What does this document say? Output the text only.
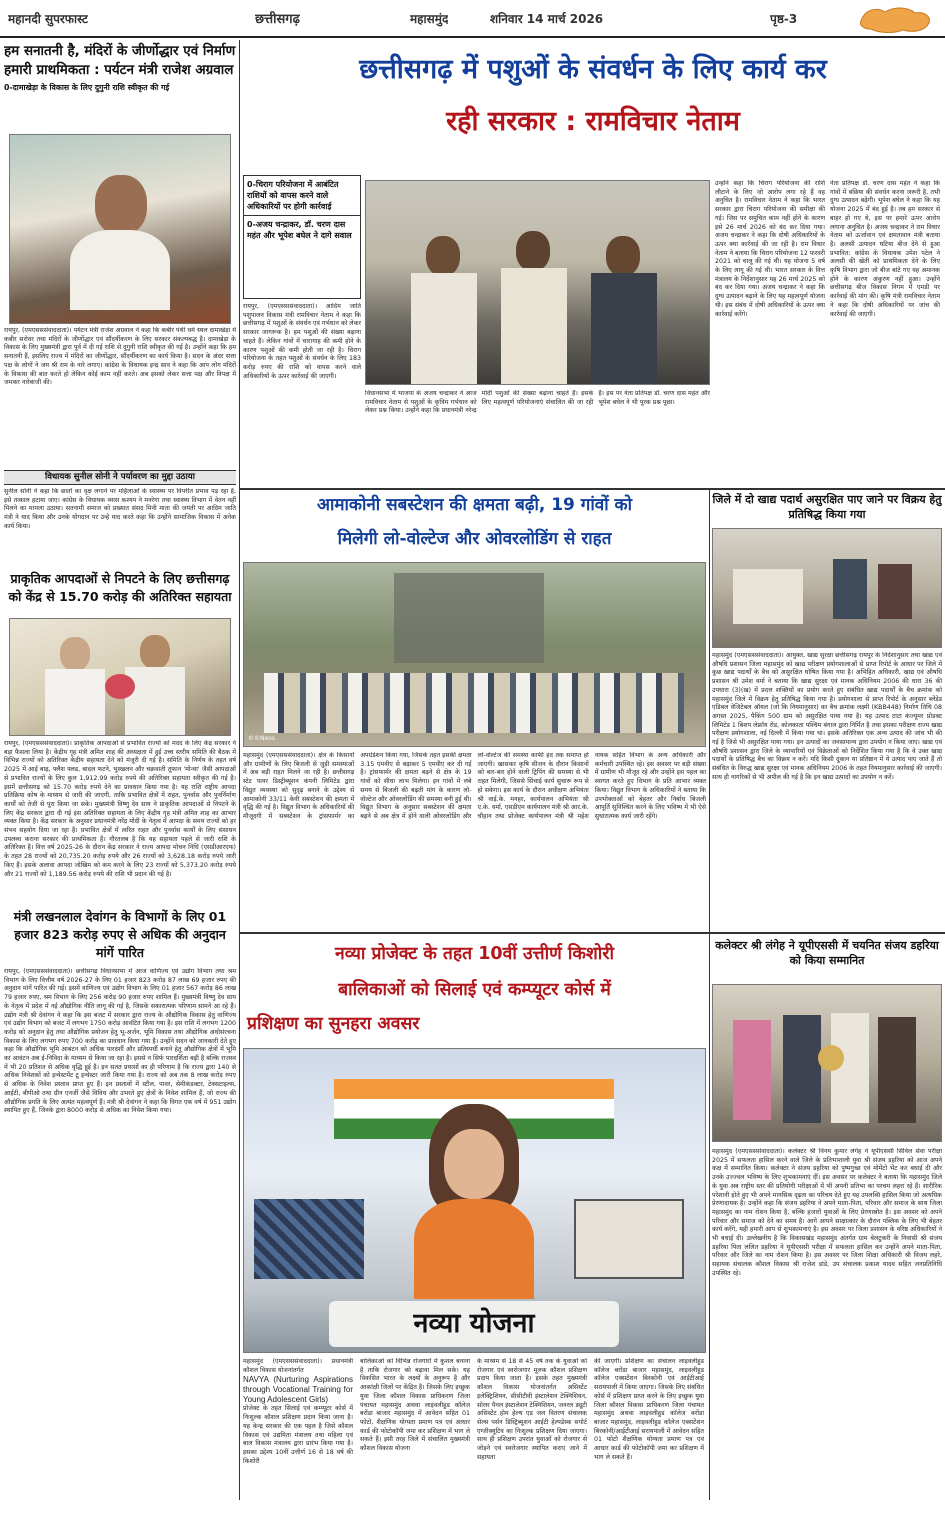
महानदी सुपरफास्ट	छत्तीसगढ़	महासमुंद	शनिवार 14 मार्च 2026	पृष्ठ-3
हम सनातनी है, मंदिरों के जीर्णोद्धार एवं निर्माण हमारी प्राथमिकता : पर्यटन मंत्री राजेश अग्रवाल
0-दामाखेड़ा के विकास के लिए दुगुनी राशि स्वीकृत की गई
रायपुर, (एमएसससंवाददाता)। पर्यटन मंत्री राजेश अग्रवाल ने कहा कि कबीर पंथी धर्म स्थल दामाखेड़ा में कबीर सरोवर तथा मंदिरों के जीर्णोद्धार एवं सौंदर्यीकरण के लिए सरकार संकल्पबद्ध है। दामाखेड़ा के विकास के लिए मुख्यमंत्री द्वारा पूर्व में दी गई राशि से दुगुनी राशि स्वीकृत की गई है। उन्होंने कहा कि हम सनातनी हैं, इसलिए राज्य में मंदिरों का जीर्णोद्धार, सौंदर्यीकरण का कार्य किया है। सदन के अंदर सत्ता पक्ष के लोगों ने जय श्री राम के नारे लगाए। कांग्रेस के विधायक इन्द्र साव ने कहा कि आप लोग मंदिरों के विकास की बात करते हो लेकिन कोई काम नहीं करते। अब इसको लेकर सत्ता पक्ष और विपक्ष में जमकर नारेबाजी की।
विधायक सुनील सोनी ने पर्यावरण का मुद्दा उठाया
सुनील सोनी ने कहा कि छातों का वृक्ष लगाने पर महिलाओं के स्वास्थ्य पर विपरीत प्रभाव पड़ रहा है, इसे तत्काल हटाया जाए। कांग्रेस के विधायक व्यास कश्यप ने मनरेगा तथा स्वास्थ्य विभाग में वेतन नहीं मिलने का मामला उठाया। सतनामी समाज को प्रख्यात संसद मिनी माता की जयंती पर आदिम जाति मंत्री ने याद किया और उनके योगदान पर उन्हें याद करते कहा कि उन्होंने सामाजिक विकास में अनेक कार्य किया।
प्राकृतिक आपदाओं से निपटने के लिए छत्तीसगढ़ को केंद्र से 15.70 करोड़ की अतिरिक्त सहायता
रायपुर, (एमएसससंवाददाता)। प्राकृतिक आपदाओं से प्रभावित राज्यों को मदद के लिए केंद्र सरकार ने बड़ा फैसला लिया है। केंद्रीय गृह मंत्री अमित शाह की अध्यक्षता में हुई उच्च स्तरीय समिति की बैठक में विभिन्न राज्यों को अतिरिक्त केंद्रीय सहायता देने को मंजूरी दी गई है। समिति के निर्णय के तहत वर्ष 2025 में आई बाढ़, फ्लैश फ्लड, बादल फटने, भूस्खलन और चक्रवाती तूफान 'मोन्था' जैसी आपदाओं से प्रभावित राज्यों के लिए कुल 1,912.99 करोड़ रुपये की अतिरिक्त सहायता स्वीकृत की गई है। इसमें छत्तीसगढ़ को 15.70 करोड़ रुपये देने का प्रावधान किया गया है। यह राशि राष्ट्रीय आपदा प्रतिक्रिया कोष के माध्यम से जारी की जाएगी, ताकि प्रभावित क्षेत्रों में राहत, पुनर्वास और पुनर्निर्माण कार्यों को तेजी से पूरा किया जा सके। मुख्यमंत्री विष्णु देव साय ने प्राकृतिक आपदाओं से निपटने के लिए केंद्र सरकार द्वारा दी गई इस अतिरिक्त सहायता के लिए केंद्रीय गृह मंत्री अमित शाह का आभार व्यक्त किया है। केंद्र सरकार के अनुसार प्रधानमंत्री नरेंद्र मोदी के नेतृत्व में आपदा के समय राज्यों को हर संभव सहयोग दिया जा रहा है। प्रभावित क्षेत्रों में त्वरित राहत और पुनर्वास कार्यों के लिए संसाधन उपलब्ध कराना सरकार की प्राथमिकता है। गौरतलब है कि यह सहायता पहले से जारी राशि के अतिरिक्त है। वित्त वर्ष 2025-26 के दौरान केंद्र सरकार ने राज्य आपदा मोचन निधि (एसडीआरएफ) के तहत 28 राज्यों को 20,735.20 करोड़ रुपये और 26 राज्यों को 3,628.18 करोड़ रुपये जारी किए हैं। इसके अलावा आपदा जोखिम को कम करने के लिए 23 राज्यों को 5,373.20 करोड़ रुपये और 21 राज्यों को 1,189.56 करोड़ रुपये की राशि भी प्रदान की गई है।
मंत्री लखनलाल देवांगन के विभागों के लिए 01 हजार 823 करोड़ रुपए से अधिक की अनुदान मांगें पारित
रायपुर, (एमएसससंवाददाता)। छत्तीसगढ़ विधानसभा में आज वाणिज्य एवं उद्योग विभाग तथा श्रम विभाग के लिए वित्तीय वर्ष 2026-27 के लिए 01 हजार 823 करोड़ 87 लाख 69 हजार रुपए की अनुदान मांगें पारित की गई। इसमें वाणिज्य एवं उद्योग विभाग के लिए 01 हजार 567 करोड़ 86 लाख 79 हजार रुपए, श्रम विभाग के लिए 256 करोड़ 90 हजार रुपए शामिल हैं। मुख्यमंत्री विष्णु देव साय के नेतृत्व में प्रदेश में नई औद्योगिक नीति लागू की गई है, जिसके सकारात्मक परिणाम सामने आ रहे हैं। उद्योग मंत्री श्री देवांगन ने कहा कि इस बजट में सरकार द्वारा राज्य के औद्योगिक विकास हेतु वाणिज्य एवं उद्योग विभाग को बजट में लगभग 1750 करोड़ आवंटित किया गया है। इस राशि में लगभग 1200 करोड़ को अनुदान हेतु तथा औद्योगिक प्रयोजन हेतु भू-अर्जन, भूमि विकास तथा औद्योगिक अधोसंरचना विकास के लिए लगभग रुपए 700 करोड़ का प्रावधान किया गया है। उन्होंने सदन को जानकारी देते हुए कहा कि औद्योगिक भूमि आबंटन को अधिक पारदर्शी और प्रतिस्पर्धी बनाने हेतु औद्योगिक क्षेत्रों में भूमि का आवंटन अब ई-निविदा के माध्यम से किया जा रहा है। इससे न सिर्फ पारदर्शिता बढ़ी है बल्कि राजस्व में भी 20 प्रतिशत से अधिक वृद्धि हुई है। इन सतत प्रयासों का ही परिणाम है कि राज्य द्वारा 140 से अधिक निवेशकों को इन्वेस्टमेंट टू इन्वेस्टर जारी किया गया है। राज्य को अब तक 8 लाख करोड़ रुपए से अधिक के निवेश प्रस्ताव प्राप्त हुए हैं। इन प्रस्तावों में स्टील, पावर, सेमीकंडक्टर, टेक्सटाइल्स, आईटी, बीपीओ तथा ग्रीन एनर्जी जैसे विविध और उभरते हुए क्षेत्रों के निवेश शामिल हैं, जो राज्य की औद्योगिक प्रगति के लिए अत्यंत महत्वपूर्ण हैं। मंत्री श्री देवांगन ने कहा कि विगत एक वर्ष में 951 उद्योग स्थापित हुए हैं, जिनके द्वारा 8000 करोड़ से अधिक का निवेश किया गया।
छत्तीसगढ़ में पशुओं के संवर्धन के लिए कार्य कर
रही सरकार : रामविचार नेताम
0-चिराग परियोजना में आबंटित राशियों को वापस करने वाले अधिकारियों पर होगी कार्रवाई
0-अजय चन्द्राकर, डॉ. चरण दास महंत और भूपेश बघेल ने दागे सवाल
रायपुर, (एमएसससंवाददाता)। आदिम जाति पशुपालन विकास मंत्री रामविचार नेताम ने कहा कि छत्तीसगढ़ में पशुओं के संवर्धन एवं गर्भधान को लेकर सरकार जागरूक है। हम पशुओं की संख्या बढ़ाना चाहते हैं। लेकिन गांवों में चारागाह की कमी होने के कारण पशुओं की कमी होती जा रही है। चिराग परियोजना के तहत पशुओं के संवर्धन के लिए 183 करोड़ रुपए की राशि को वापस करने वाले अधिकारियों के ऊपर कार्रवाई की जाएगी।
विधानसभा में भाजपा के अजय चन्द्राकर ने आज रामविचार नेताम से पशुओं के कृत्रिम गर्भधान को लेकर प्रश्न किया। उन्होंने कहा कि प्रधानमंत्री नरेन्द्र मोदी पशुओं की संख्या बढ़ाना चाहते हैं। इसके लिए महत्वपूर्ण परियोजनाएं संचालित की जा रही हैं। इस पर नेता प्रतिपक्ष डॉ. चरण दास महंत और भूपेश बघेल ने भी पूरक प्रश्न पूछा।
उन्होंने कहा कि चिराग परियोजना की राशि लौटाने के लिए जो आरोप लगा रहे हैं वह अनुचित है। रामविचार नेताम ने कहा कि भारत सरकार द्वारा चिराग परियोजना की समीक्षा की गई। जिस पर समुचित काम नहीं होने के कारण इसे 26 मार्च 2026 को बंद कर दिया गया। अजय चन्द्राकर ने कहा कि दोषी अधिकारियों के ऊपर क्या कार्रवाई की जा रही है। राम विचार नेताम ने बताया कि चिराग परियोजना 12 फरवरी 2021 को चालू की गई थी। यह योजना 5 वर्ष के लिए लागू की गई थी। भारत सरकार के वित्त मंत्रालय के निर्देशानुसार यह 26 मार्च 2025 को बंद कर दिया गया। अजय चन्द्राकर ने कहा कि दुग्ध उत्पादन बढ़ाने के लिए यह महत्वपूर्ण योजना थी। इस संबंध में दोषी अधिकारियों के ऊपर क्या कार्रवाई करेंगे।
नेता प्रतिपक्ष डॉ. चरण दास महंत ने कहा कि गांवों में बछिया की संवर्धन करना जरूरी है, तभी दुग्ध उत्पादन बढ़ेगी। भूपेश बघेल ने कहा कि यह योजना 2025 में बंद हुई है। तब हम सरकार से बाहर हो गए थे, इस पर हमारे ऊपर आरोप लगाना अनुचित है। अजय चन्द्राकर ने राम विचार नेताम को ऊर्जावान एवं क्षमतावान मंत्री बताया है। अलसी उत्पादन घटिया बीज देने से हुआ प्रभावित: कांग्रेस के विधायक उमेश पटेल ने अलसी की खेती को प्राथमिकता देने के लिए कृषि विभाग द्वारा जो बीज बांटे गए वह अमानक होने के कारण अंकुरण नहीं हुआ। उन्होंने छत्तीसगढ़ बीज विकास निगम में एमडी पर कार्रवाई की मांग की। कृषि मंत्री रामविचार नेताम ने कहा कि दोषी अधिकारियों पर जांच की कार्रवाई की जाएगी।
आमाकोनी सबस्टेशन की क्षमता बढ़ी, 19 गांवों को
मिलेगी लो-वोल्टेज और ओवरलोडिंग से राहत
©©Neos
महासमुंद (एमएसससंवाददाता)। क्षेत्र के किसानों और ग्रामीणों के लिए बिजली से जुड़ी समस्याओं में अब बड़ी राहत मिलने जा रही है। छत्तीसगढ़ स्टेट पावर डिस्ट्रीब्यूशन कंपनी लिमिटेड द्वारा विद्युत व्यवस्था को सुदृढ़ बनाने के उद्देश्य से आमाकोनी 33/11 केवी सबस्टेशन की क्षमता में वृद्धि की गई है। विद्युत विभाग के अधिकारियों की मौजूदगी में सबस्टेशन के ट्रांसफार्मर का अपग्रेडेशन किया गया, जिसके तहत इसकी क्षमता 3.15 एमवीए से बढ़ाकर 5 एमवीए कर दी गई है। ट्रांसफार्मर की क्षमता बढ़ने से क्षेत्र के 19 गांवों को सीधा लाभ मिलेगा। इन गांवों में लंबे समय से बिजली की बढ़ती मांग के कारण लो-वोल्टेज और ओवरलोडिंग की समस्या बनी हुई थी। विद्युत विभाग के अनुसार सबस्टेशन की क्षमता बढ़ने से अब क्षेत्र में होने वाली ओवरलोडिंग और लो-वोल्टेज की समस्या काफी हद तक समाप्त हो जाएगी। खासकर कृषि सीजन के दौरान किसानों को बार-बार होने वाली ट्रिपिंग की समस्या से भी राहत मिलेगी, जिससे सिंचाई कार्य सुचारू रूप से हो सकेगा। इस कार्य के दौरान अधीक्षण अभियंता श्री वाई.के. मनहर, कार्यपालन अभियंता श्री ए.के. वर्मा, एसडीएम कार्यपालन मंत्री श्री आर.के. चौहान तथा प्रोजेक्ट कार्यपालन मंत्री श्री महेश नायक सहित विभाग के अन्य अधिकारी और कर्मचारी उपस्थित रहे। इस अवसर पर बड़ी संख्या में ग्रामीण भी मौजूद रहे और उन्होंने इस पहल का स्वागत करते हुए विभाग के प्रति आभार व्यक्त किया। विद्युत विभाग के अधिकारियों ने बताया कि उपभोक्ताओं को बेहतर और निर्बाध बिजली आपूर्ति सुनिश्चित करने के लिए भविष्य में भी ऐसे सुधारात्मक कार्य जारी रहेंगे।
जिले में दो खाद्य पदार्थ असुरक्षित पाए जाने पर विक्रय हेतु प्रतिषिद्ध किया गया
महासमुंद (एमएसससंवाददाता)। आयुक्त, खाद्य सुरक्षा छत्तीसगढ़ रायपुर के निर्देशानुसार तथा खाद्य एवं औषधि प्रशासन जिला महासमुंद को खाद्य परीक्षण प्रयोगशालाओं से प्राप्त रिपोर्ट के आधार पर जिले में कुछ खाद्य पदार्थों के बैच को असुरक्षित घोषित किया गया है। अभिहित अधिकारी, खाद्य एवं औषधि प्रशासन श्री उमेश वर्मा ने बताया कि खाद्य सुरक्षा एवं मानक अधिनियम 2006 की धारा 36 की उपधारा (3)(ख) में प्रदत्त शक्तियों का प्रयोग करते हुए संबंधित खाद्य पदार्थों के बैच क्रमांक को महासमुंद जिले में विक्रय हेतु प्रतिषिद्ध किया गया है। प्रयोगशाला से प्राप्त रिपोर्ट के अनुसार ब्लेंडेड एडिबल वेजिटेबल ऑयल (जो कि नियमानुसार) का बैच क्रमांक लक्ष्मी (KBB448) निर्माण तिथि 08 अगस्त 2025, पैकिंग 500 ग्राम को असुरक्षित पाया गया है। यह उत्पाद टाटा कंज्यूमर प्रोडक्ट लिमिटेड 1 बिशप लेफ्रॉय रोड, कोलकाता पश्चिम बंगाल द्वारा निर्मित है तथा इसका परीक्षण राज्य खाद्य परीक्षण प्रयोगशाला, नई दिल्ली में किया गया था। इसके अतिरिक्त एक अन्य उत्पाद की जांच भी की गई है जिसे भी असुरक्षित पाया गया। इन उत्पादों का जनसामान्य द्वारा उपयोग न किया जाए। खाद्य एवं औषधि प्रशासन द्वारा जिले के व्यापारियों एवं विक्रेताओं को निर्देशित किया गया है कि वे उक्त खाद्य पदार्थों के प्रतिषिद्ध बैच का विक्रय न करें। यदि किसी दुकान या प्रतिष्ठान में ये उत्पाद पाए जाते हैं तो संबंधित के विरुद्ध खाद्य सुरक्षा एवं मानक अधिनियम 2006 के तहत नियमानुसार कार्रवाई की जाएगी। साथ ही नागरिकों से भी अपील की गई है कि इन खाद्य उत्पादों का उपयोग न करें।
नव्या प्रोजेक्ट के तहत 10वीं उत्तीर्ण किशोरी
बालिकाओं को सिलाई एवं कम्प्यूटर कोर्स में
प्रशिक्षण का सुनहरा अवसर
नव्या योजना
महासमुंद (एमएसससंवाददाता)। प्रधानमंत्री कौशल विकास योजनांतर्गत
NAVYA (Nurturing Aspirations through Vocational Training for Young Adolescent Girls)
प्रोजेक्ट के तहत सिलाई एवं कम्प्यूटर कोर्स में निःशुल्क कौशल प्रशिक्षण प्रदान किया जाना है। यह केन्द्र सरकार की एक पहल है जिसे कौशल विकास एवं उद्यमिता मंत्रालय तथा महिला एवं बाल विकास मंत्रालय द्वारा प्रारंभ किया गया है। इसका उद्देश्य 10वीं उत्तीर्ण 16 से 18 वर्ष की किशोरी
बालिकाओं को विभिन्न रोजगारों में कुशल बनाना है ताकि रोजगार को बढ़ावा मिल सके। यह विकसित भारत के लक्ष्यों के अनुरूप है और आकांक्षी जिलों पर केंद्रित है। जिसके लिए इच्छुक युवा जिला कौशल विकास प्राधिकरण जिला पंचायत महासमुंद अथवा लाइवलीहुड कॉलेज बरोंडा बाजार महासमुंद में आवेदन सहित 01 फोटो, शैक्षणिक योग्यता प्रमाण पत्र एवं आधार कार्ड की फोटोकॉपी जमा कर प्रशिक्षण में भाग ले सकते हैं। इसी तरह जिले में संचालित मुख्यमंत्री कौशल विकास योजना
के माध्यम से 18 से 45 वर्ष तक के युवाओं को रोजगार एवं स्वरोजगार मूलक कौशल प्रशिक्षण प्रदाय किया जाता है। इसके तहत मुख्यमंत्री कौशल विकास योजनांतर्गत असिस्टेंट इलेक्ट्रिशियन, सीसीटीवी इंस्टालेशन टेक्निशियन, सोलर पैनल इंस्टालेशन टेक्निशियन, जनरल ड्यूटी असिस्टेंट होम हेल्थ एड जल वितरण संचालक सेल्स पर्सन डिस्ट्रिब्यूशन आईटी हेल्पडेस्क सपोर्ट एग्जीक्यूटिव का निःशुल्क प्रशिक्षण दिया जाएगा। साथ ही प्रशिक्षण उपरांत युवाओं को रोजगार से जोड़ने एवं स्वरोजगार स्थापित कराए जाने में सहायता
की जाएगी। प्रशिक्षण का संचालन लाइवलीहुड कॉलेज बरोंडा बाजार महासमुंद, लाइवलीहुड कॉलेज एक्सटेंशन बिरकोनी एवं आईटीआई सरायपाली में किया जाएगा। जिसके लिए संबंधित कोर्स में प्रशिक्षण प्राप्त करने के लिए इच्छुक युवा जिला कौशल विकास प्राधिकरण जिला पंचायत महासमुंद अथवा लाइवलीहुड कॉलेज बरोंडा बाजार महासमुंद, लाइवलीहुड कॉलेज एक्सटेंशन बिरकोनी/आईटीआई सरायपाली में आवेदन सहित 01 फोटो शैक्षणिक योग्यता प्रमाण पत्र एवं आधार कार्ड की फोटोकॉपी जमा कर प्रशिक्षण में भाग ले सकते हैं।
कलेक्टर श्री लंगेह ने यूपीएससी में चयनित संजय डहरिया को किया सम्मानित
महासमुंद (एमएसससंवाददाता)। कलेक्टर श्री विनय कुमार लंगेह ने यूपीएससी सिविल सेवा परीक्षा 2025 में सफलता हासिल करने वाले जिले के प्रतिभाशाली युवा श्री संजय डहरिया को आज अपने कक्ष में सम्मानित किया। कलेक्टर ने संजय डहरिया को पुष्पगुच्छ एवं मोमेंटो भेंट कर बधाई दी और उनके उज्ज्वल भविष्य के लिए शुभकामनाएं दीं। इस अवसर पर कलेक्टर ने बताया कि महासमुंद जिले के युवा अब राष्ट्रीय स्तर की प्रतियोगी परीक्षाओं में भी अपनी प्रतिभा का परचम लहरा रहे हैं। शारीरिक परेशानी होते हुए भी अपने मानसिक दृढ़ता का परिचय देते हुए यह उपलब्धि हासिल किया जो अत्यधिक प्रेरणादायक है। उन्होंने कहा कि संजय डहरिया ने अपने माता-पिता, परिवार और समाज के साथ जिला महासमुंद का नाम रोशन किया है, बल्कि हजारों युवाओं के लिए प्रेरणास्रोत है। इस अवसर को अपने परिवार और समाज को देने का समय है। आगे आपने साक्षात्कार के दौरान पब्लिक के लिए भी बेहतर कार्य करेंगे, यही हमारी आप से शुभकामनाएं है। इस अवसर पर जिला प्रशासन के वरिष्ठ अधिकारियों ने भी बधाई दी। उल्लेखनीय है कि विकासखंड महासमुंद अंतर्गत ग्राम बेलटुकरी के निवासी श्री संजय डहरिया पिता ललित डहरिया ने यूपीएससी परीक्षा में सफलता हासिल कर उन्होंने अपने माता-पिता, परिवार और जिले का नाम रोशन किया है। इस अवसर पर जिला शिक्षा अधिकारी श्री विजय लहरे, सहायक संचालक कौशल विकास श्री राजेश डांडे, उप संचालक प्रकाश यादव सहित जनप्रतिनिधि उपस्थित रहे।
